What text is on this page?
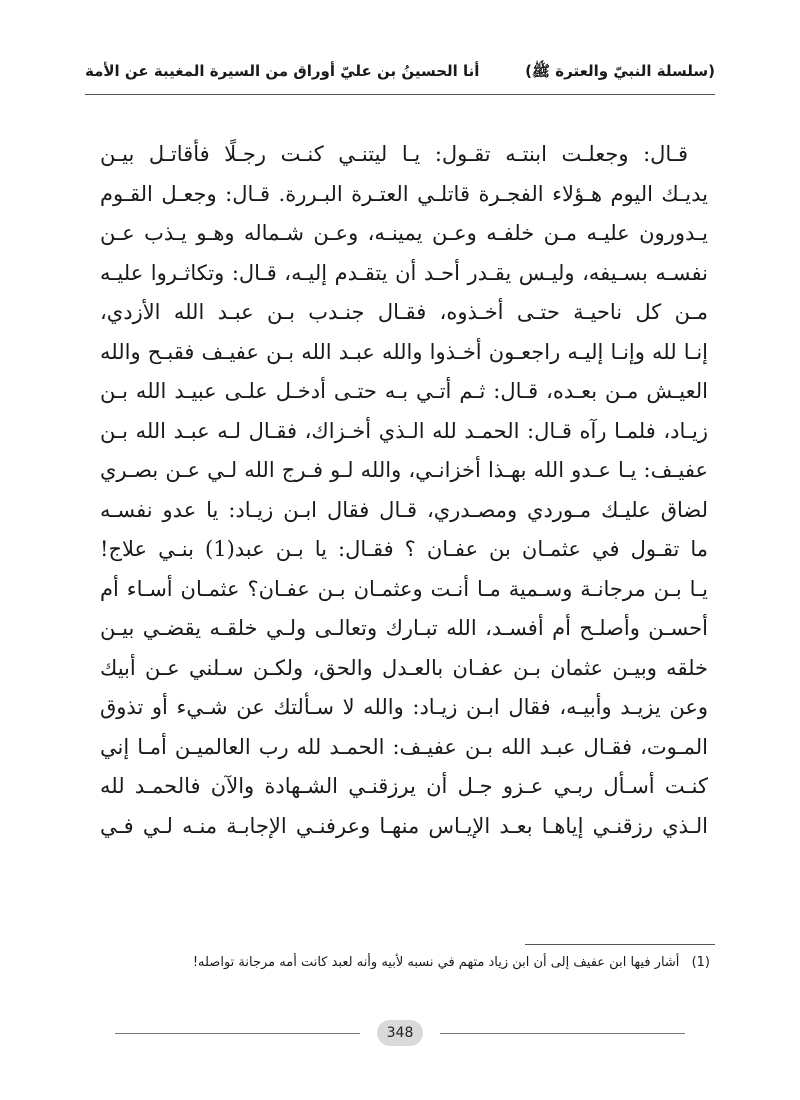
(سلسلة النبيّ والعترة ﷺ)
أنا الحسينُ بن عليّ أوراق من السيرة المغيبة عن الأمة
قـال: وجعلـت ابنتـه تقـول: يـا ليتنـي كنـت رجـلًا فأقاتـل بيـن
يديـك اليوم هـؤلاء الفجـرة قاتلـي العتـرة البـررة. قـال: وجعـل القـوم
يـدورون عليـه مـن خلفـه وعـن يمينـه، وعـن شـماله وهـو يـذب عـن
نفسـه بسـيفه، وليـس يقـدر أحـد أن يتقـدم إليـه، قـال: وتكاثـروا عليـه
مـن كل ناحيـة حتـى أخـذوه، فقـال جنـدب بـن عبـد الله الأزدي،
إنـا لله وإنـا إليـه راجعـون أخـذوا والله عبـد الله بـن عفيـف فقبـح والله
العيـش مـن بعـده، قـال: ثـم أتـي بـه حتـى أدخـل علـى عبيـد الله بـن
زيـاد، فلمـا رآه قـال: الحمـد لله الـذي أخـزاك، فقـال لـه عبـد الله بـن
عفيـف: يـا عـدو الله بهـذا أخزانـي، والله لـو فـرج الله لـي عـن بصـري
لضاق عليـك مـوردي ومصـدري، قـال فقال ابـن زيـاد: يا عدو نفسـه
ما تقـول في عثمـان بن عفـان ؟ فقـال: يا بـن عبد(1) بنـي علاج!
يـا بـن مرجانـة وسـمية مـا أنـت وعثمـان بـن عفـان؟ عثمـان أسـاء أم
أحسـن وأصلـح أم أفسـد، الله تبـارك وتعالـى ولـي خلقـه يقضـي بيـن
خلقه وبيـن عثمان بـن عفـان بالعـدل والحق، ولكـن سـلني عـن أبيك
وعن يزيـد وأبيـه، فقال ابـن زيـاد: والله لا سـألتك عن شـيء أو تذوق
المـوت، فقـال عبـد الله بـن عفيـف: الحمـد لله رب العالميـن أمـا إني
كنـت أسـأل ربـي عـزو جـل أن يرزقنـي الشـهادة والآن فالحمـد لله
الـذي رزقنـي إياهـا بعـد الإيـاس منهـا وعرفنـي الإجابـة منـه لـي فـي
(1) أشار فيها ابن عفيف إلى أن ابن زياد متهم في نسبه لأبيه وأنه لعبد كانت أمه مرجانة تواصله!
348
